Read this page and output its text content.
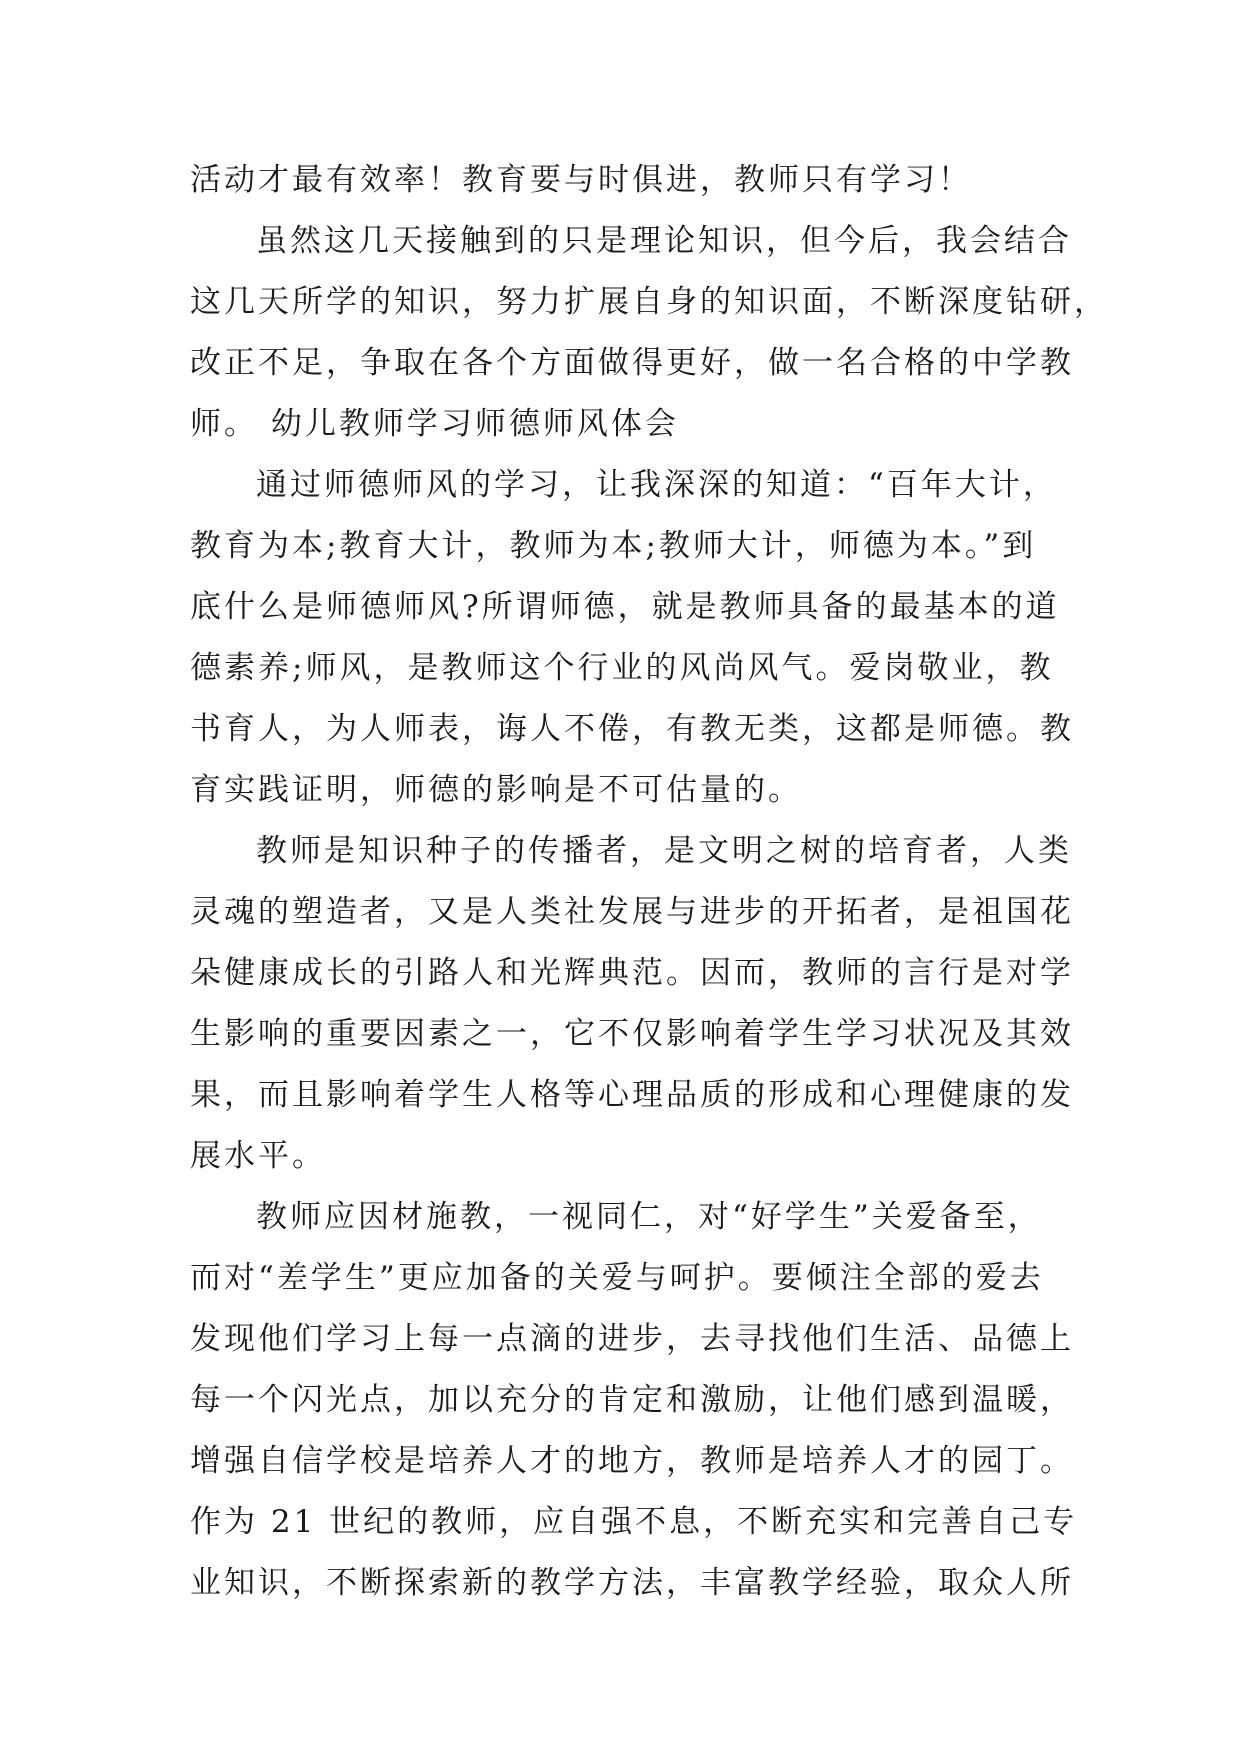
活动才最有效率！教育要与时俱进，教师只有学习！
虽然这几天接触到的只是理论知识，但今后，我会结合
这几天所学的知识，努力扩展自身的知识面，不断深度钻研，
改正不足，争取在各个方面做得更好，做一名合格的中学教
师。 幼儿教师学习师德师风体会
通过师德师风的学习，让我深深的知道：“百年大计，
教育为本;教育大计，教师为本;教师大计，师德为本。”到
底什么是师德师风?所谓师德，就是教师具备的最基本的道
德素养;师风，是教师这个行业的风尚风气。爱岗敬业，教
书育人，为人师表，诲人不倦，有教无类，这都是师德。教
育实践证明，师德的影响是不可估量的。
教师是知识种子的传播者，是文明之树的培育者，人类
灵魂的塑造者，又是人类社发展与进步的开拓者，是祖国花
朵健康成长的引路人和光辉典范。因而，教师的言行是对学
生影响的重要因素之一，它不仅影响着学生学习状况及其效
果，而且影响着学生人格等心理品质的形成和心理健康的发
展水平。
教师应因材施教，一视同仁，对“好学生”关爱备至，
而对“差学生”更应加备的关爱与呵护。要倾注全部的爱去
发现他们学习上每一点滴的进步，去寻找他们生活、品德上
每一个闪光点，加以充分的肯定和激励，让他们感到温暖，
增强自信学校是培养人才的地方，教师是培养人才的园丁。
作为 21 世纪的教师，应自强不息，不断充实和完善自己专
业知识，不断探索新的教学方法，丰富教学经验，取众人所
